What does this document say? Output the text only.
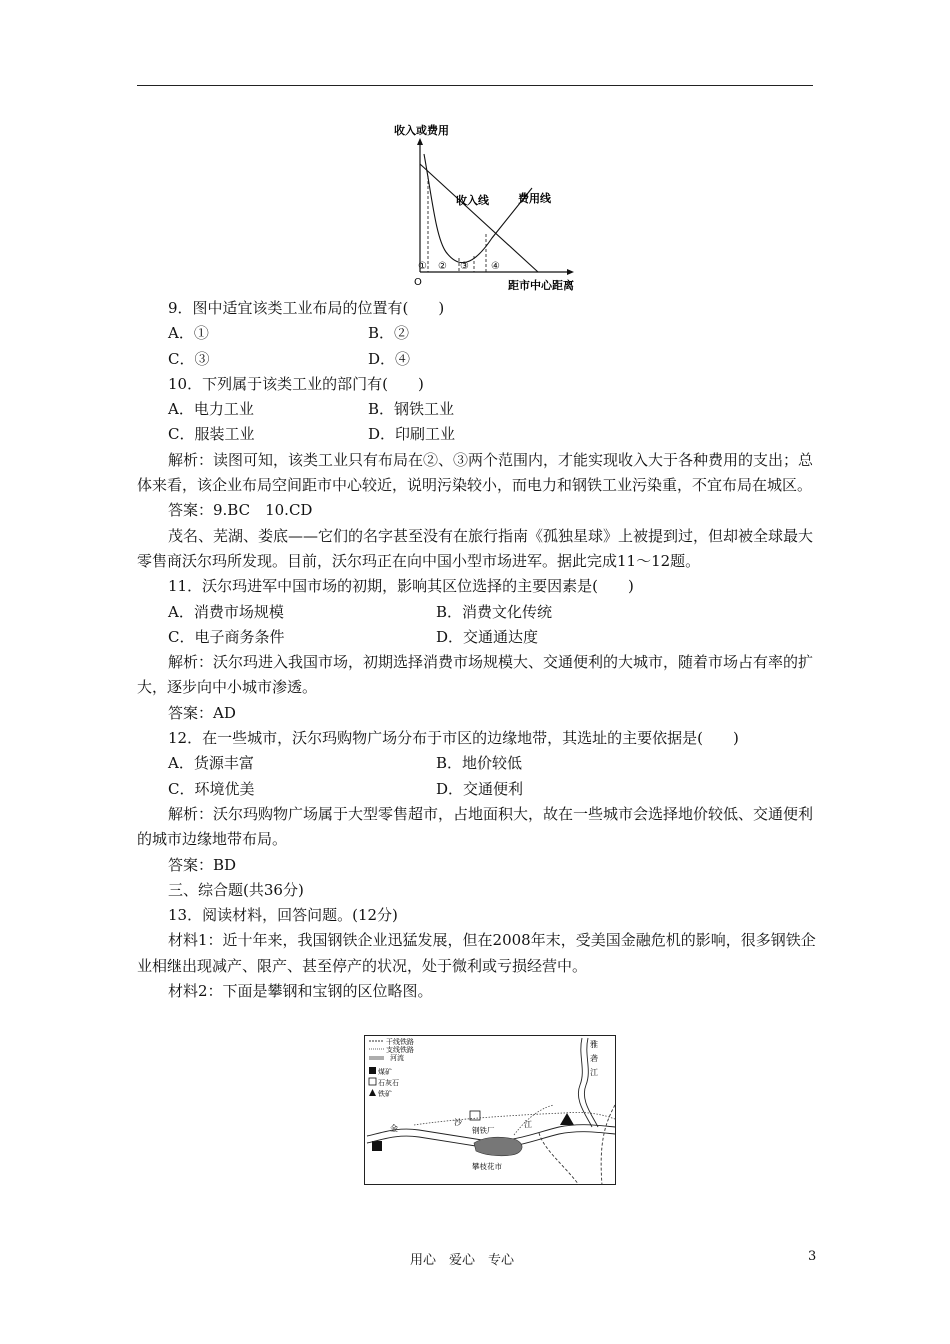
收入或费用
O	距市中心距离
收入线	费用线
① ② ③ ④
9．图中适宜该类工业布局的位置有(　　)
A．①	B．②
C．③	D．④
10．下列属于该类工业的部门有(　　)
A．电力工业	B．钢铁工业
C．服装工业	D．印刷工业
解析：读图可知，该类工业只有布局在②、③两个范围内，才能实现收入大于各种费用的支出；总体来看，该企业布局空间距市中心较近，说明污染较小，而电力和钢铁工业污染重，不宜布局在城区。
答案：9.BC　10.CD
茂名、芜湖、娄底——它们的名字甚至没有在旅行指南《孤独星球》上被提到过，但却被全球最大零售商沃尔玛所发现。目前，沃尔玛正在向中国小型市场进军。据此完成11～12题。
11．沃尔玛进军中国市场的初期，影响其区位选择的主要因素是(　　)
A．消费市场规模	B．消费文化传统
C．电子商务条件	D．交通通达度
解析：沃尔玛进入我国市场，初期选择消费市场规模大、交通便利的大城市，随着市场占有率的扩大，逐步向中小城市渗透。
答案：AD
12．在一些城市，沃尔玛购物广场分布于市区的边缘地带，其选址的主要依据是(　　)
A．货源丰富	B．地价较低
C．环境优美	D．交通便利
解析：沃尔玛购物广场属于大型零售超市，占地面积大，故在一些城市会选择地价较低、交通便利的城市边缘地带布局。
答案：BD
三、综合题(共36分)
13．阅读材料，回答问题。(12分)
材料1：近十年来，我国钢铁企业迅猛发展，但在2008年末，受美国金融危机的影响，很多钢铁企业相继出现减产、限产、甚至停产的状况，处于微利或亏损经营中。
材料2：下面是攀钢和宝钢的区位略图。
干线铁路
支线铁路
河流
煤矿
石灰石
铁矿
金
沙	江
雅
砻
江
钢铁厂
攀枝花市
用心　爱心　专心	3
